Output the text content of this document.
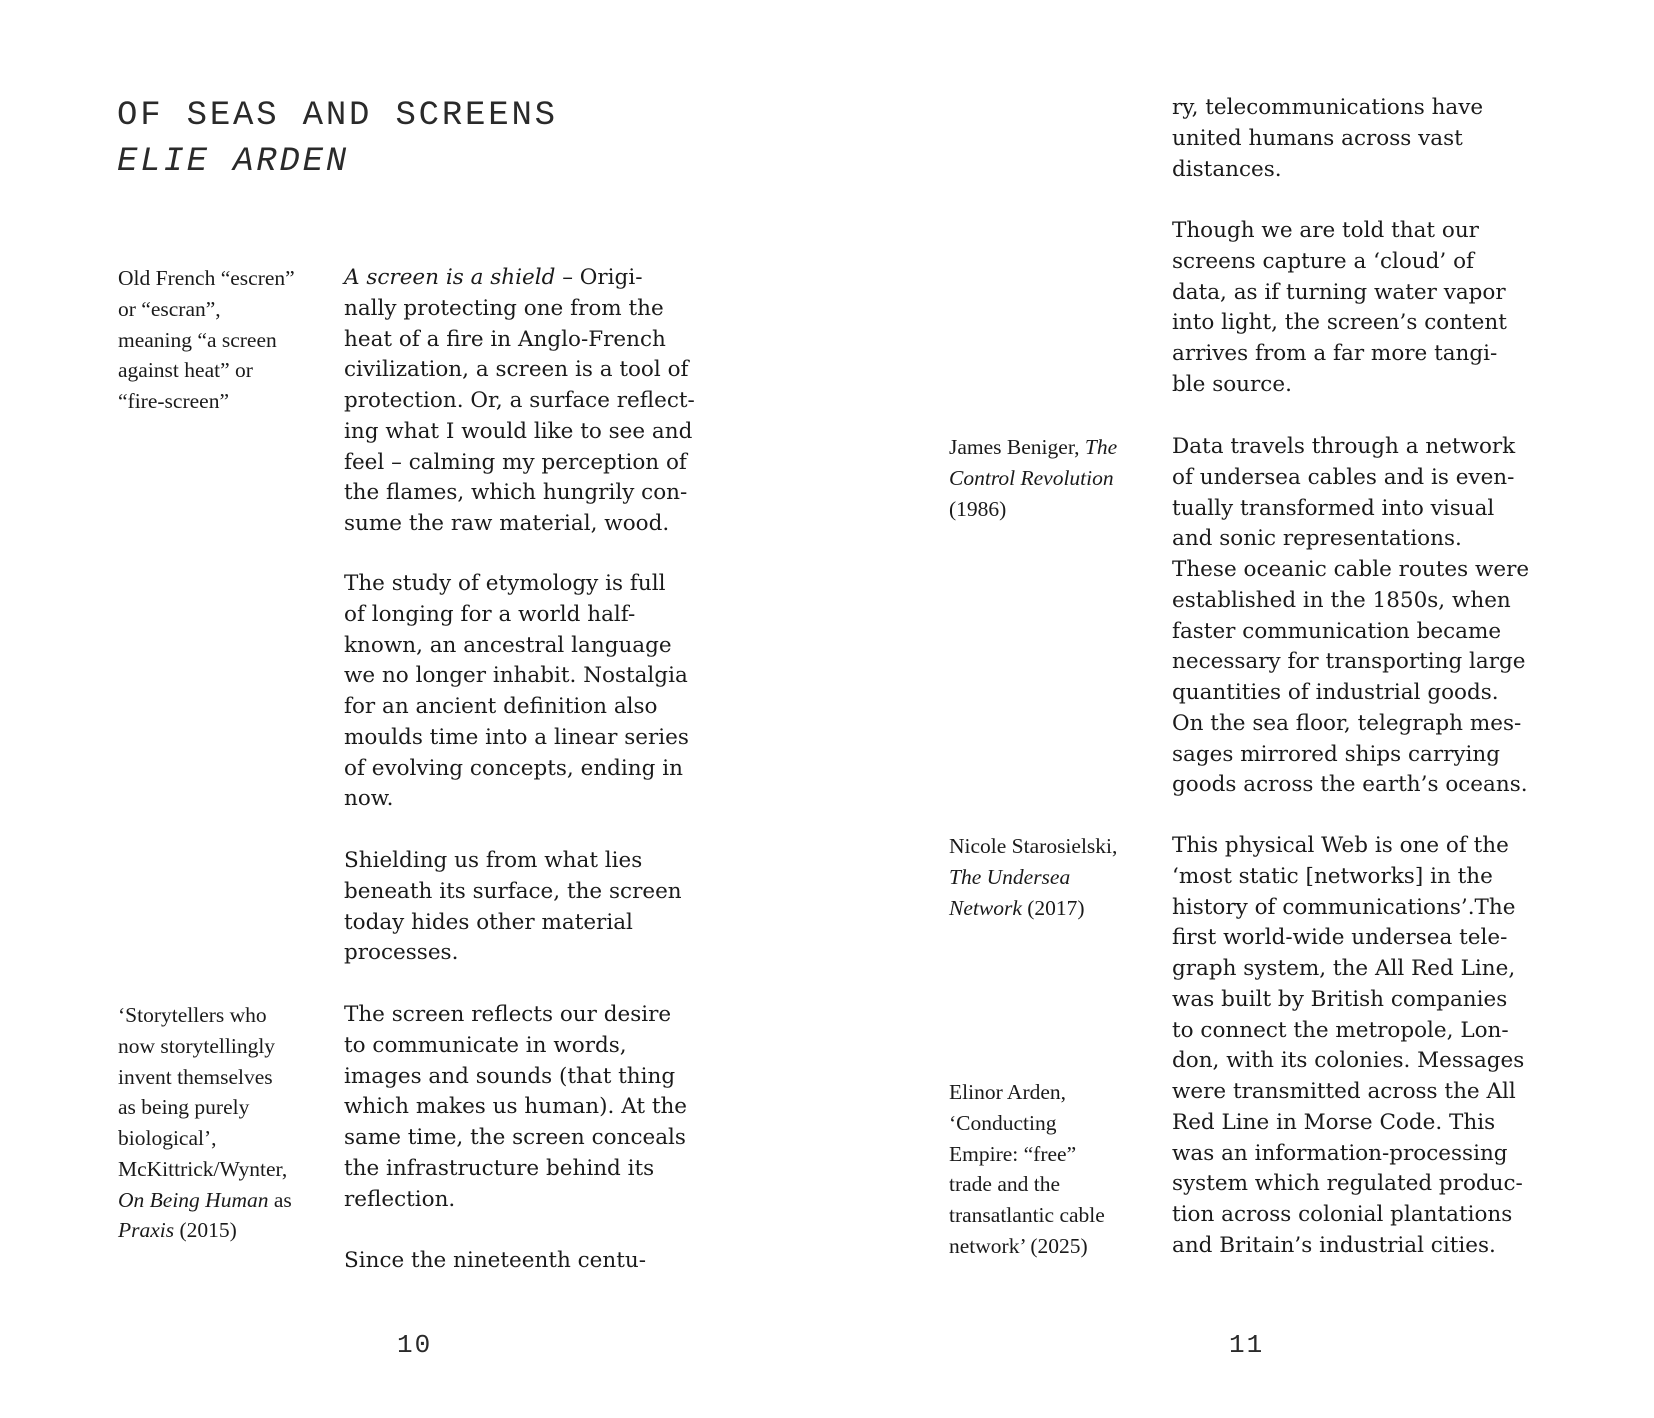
OF SEAS AND SCREENS
ELIE ARDEN
Old French “escren”
or “escran”,
meaning “a screen
against heat” or
“fire-screen”
A screen is a shield – Origi-
nally protecting one from the
heat of a fire in Anglo-French
civilization, a screen is a tool of
protection. Or, a surface reflect-
ing what I would like to see and
feel – calming my perception of
the flames, which hungrily con-
sume the raw material, wood.
The study of etymology is full
of longing for a world half-
known, an ancestral language
we no longer inhabit. Nostalgia
for an ancient definition also
moulds time into a linear series
of evolving concepts, ending in
now.
Shielding us from what lies
beneath its surface, the screen
today hides other material
processes.
‘Storytellers who
now storytellingly
invent themselves
as being purely
biological’,
McKittrick/Wynter,
On Being Human as
Praxis (2015)
The screen reflects our desire
to communicate in words,
images and sounds (that thing
which makes us human). At the
same time, the screen conceals
the infrastructure behind its
reflection.
Since the nineteenth centu-
10
ry, telecommunications have
united humans across vast
distances.
Though we are told that our
screens capture a ‘cloud’ of
data, as if turning water vapor
into light, the screen’s content
arrives from a far more tangi-
ble source.
James Beniger, The
Control Revolution
(1986)
Data travels through a network
of undersea cables and is even-
tually transformed into visual
and sonic representations.
These oceanic cable routes were
established in the 1850s, when
faster communication became
necessary for transporting large
quantities of industrial goods.
On the sea floor, telegraph mes-
sages mirrored ships carrying
goods across the earth’s oceans.
Nicole Starosielski,
The Undersea
Network (2017)
This physical Web is one of the
‘most static [networks] in the
history of communications’.The
first world-wide undersea tele-
graph system, the All Red Line,
was built by British companies
to connect the metropole, Lon-
don, with its colonies. Messages
were transmitted across the All
Red Line in Morse Code. This
was an information-processing
system which regulated produc-
tion across colonial plantations
and Britain’s industrial cities.
Elinor Arden,
‘Conducting
Empire: “free”
trade and the
transatlantic cable
network’ (2025)
11
